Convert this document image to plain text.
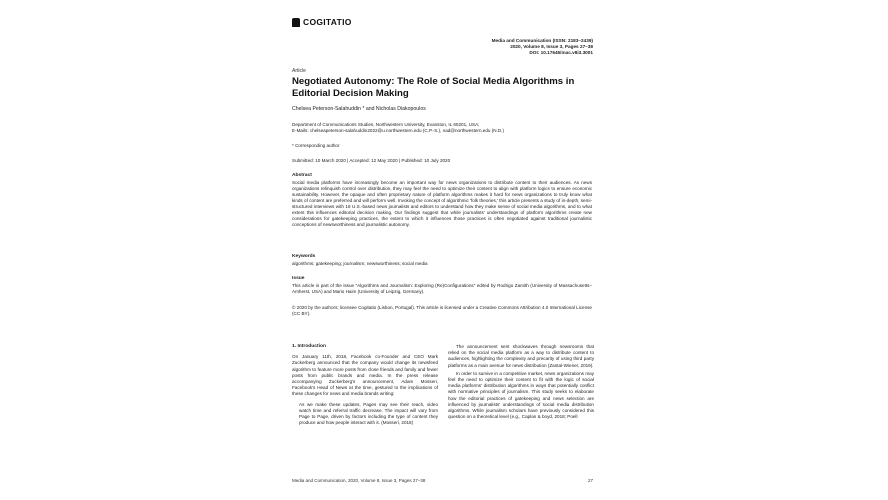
COGITATIO
Media and Communication (ISSN: 2183–2439)
2020, Volume 8, Issue 3, Pages 27–38
DOI: 10.17645/mac.v8i3.3001
Article
Negotiated Autonomy: The Role of Social Media Algorithms in Editorial Decision Making
Chelsea Peterson-Salahuddin * and Nicholas Diakopoulos
Department of Communications Studies, Northwestern University, Evanston, IL 60201, USA;
E-Mails: chelseapeterson-salahuddin2022@u.northwestern.edu (C.P.-S.), nad@northwestern.edu (N.D.)
* Corresponding author
Submitted: 10 March 2020 | Accepted: 12 May 2020 | Published: 10 July 2020
Abstract
Social media platforms have increasingly become an important way for news organizations to distribute content to their audiences. As news organizations relinquish control over distribution, they may feel the need to optimize their content to align with platform logics to ensure economic sustainability. However, the opaque and often proprietary nature of platform algorithms makes it hard for news organizations to truly know what kinds of content are preferred and will perform well. Invoking the concept of algorithmic 'folk theories,' this article presents a study of in-depth, semi-structured interviews with 18 U.S.-based news journalists and editors to understand how they make sense of social media algorithms, and to what extent this influences editorial decision making. Our findings suggest that while journalists' understandings of platform algorithms create new considerations for gatekeeping practices, the extent to which it influences those practices is often negotiated against traditional journalistic conceptions of newsworthiness and journalistic autonomy.
Keywords
algorithms; gatekeeping; journalism; newsworthiness; social media
Issue
This article is part of the issue "Algorithms and Journalism: Exploring (Re)Configurations" edited by Rodrigo Zamith (University of Massachusetts–Amherst, USA) and Mario Haim (University of Leipzig, Germany).
© 2020 by the authors; licensee Cogitatio (Lisbon, Portugal). This article is licensed under a Creative Commons Attribution 4.0 International License (CC BY).
1. Introduction

On January 11th, 2018, Facebook co-Founder and CEO Mark Zuckerberg announced that the company would change its newsfeed algorithm to feature more posts from close friends and family and fewer posts from public brands and media. In the press release accompanying Zuckerberg's announcement, Adam Mosseri, Facebook's Head of News at the time, gestured to the implications of these changes for news and media brands writing:

As we make these updates, Pages may see their reach, video watch time and referral traffic decrease. The impact will vary from Page to Page, driven by factors including the type of content they produce and how people interact with it. (Mosseri, 2018)

The announcement sent shockwaves through newsrooms that relied on the social media platform as a way to distribute content to audiences, highlighting the complexity and precarity of using third party platforms as a main avenue for news distribution (Zantal-Wiener, 2019).

In order to survive in a competitive market, news organizations may feel the need to optimize their content to fit with the logic of social media platforms' distribution algorithms in ways that potentially conflict with normative principles of journalism. This study seeks to elaborate how the editorial practices of gatekeeping and news selection are influenced by journalists' understandings of social media distribution algorithms. While journalism scholars have previously considered this question on a theoretical level (e.g., Caplan & boyd, 2018; Poell

Media and Communication, 2020, Volume 8, Issue 3, Pages 27–38	27
